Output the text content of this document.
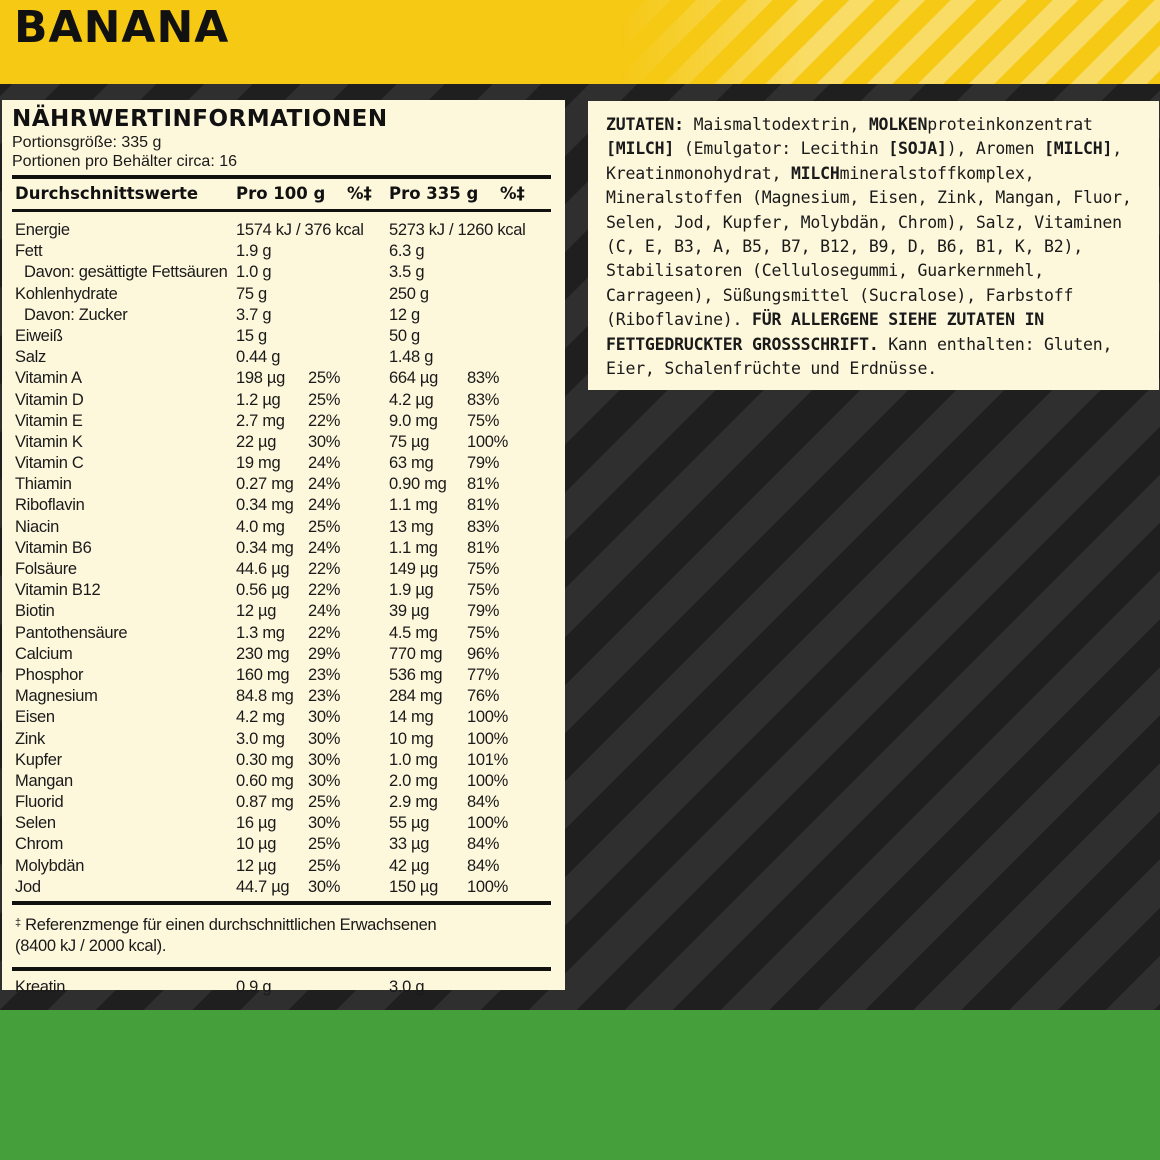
BANANA
NÄHRWERTINFORMATIONEN
Portionsgröße: 335 g
Portionen pro Behälter circa: 16
Durchschnittswerte Pro 100 g %‡ Pro 335 g %‡
Energie	1574 kJ / 376 kcal 5273 kJ / 1260 kcal
Fett	1.9 g	6.3 g
Davon: gesättigte Fettsäuren 1.0 g	3.5 g
Kohlenhydrate	75 g	250 g
Davon: Zucker	3.7 g	12 g
Eiweiß	15 g	50 g
Salz	0.44 g	1.48 g
Vitamin A	198 µg 25%	664 µg 83%
Vitamin D	1.2 µg 25%	4.2 µg 83%
Vitamin E	2.7 mg 22%	9.0 mg 75%
Vitamin K	22 µg 30%	75 µg 100%
Vitamin C	19 mg 24%	63 mg 79%
Thiamin	0.27 mg 24%	0.90 mg 81%
Riboflavin	0.34 mg 24%	1.1 mg 81%
Niacin	4.0 mg 25%	13 mg 83%
Vitamin B6	0.34 mg 24%	1.1 mg 81%
Folsäure	44.6 µg 22%	149 µg 75%
Vitamin B12	0.56 µg 22%	1.9 µg 75%
Biotin	12 µg 24%	39 µg 79%
Pantothensäure	1.3 mg 22%	4.5 mg 75%
Calcium	230 mg 29%	770 mg 96%
Phosphor	160 mg 23%	536 mg 77%
Magnesium	84.8 mg 23%	284 mg 76%
Eisen	4.2 mg 30%	14 mg 100%
Zink	3.0 mg 30%	10 mg 100%
Kupfer	0.30 mg 30%	1.0 mg 101%
Mangan	0.60 mg 30%	2.0 mg 100%
Fluorid	0.87 mg 25%	2.9 mg 84%
Selen	16 µg 30%	55 µg 100%
Chrom	10 µg 25%	33 µg 84%
Molybdän	12 µg 25%	42 µg 84%
Jod	44.7 µg 30%	150 µg 100%
‡ Referenzmenge für einen durchschnittlichen Erwachsenen
(8400 kJ / 2000 kcal).
Kreatin	0.9 g	3.0 g

ZUTATEN: Maismaltodextrin, MOLKENproteinkonzentrat [MILCH] (Emulgator: Lecithin [SOJA]), Aromen [MILCH], Kreatinmonohydrat, MILCHmineralstoffkomplex, Mineralstoffen (Magnesium, Eisen, Zink, Mangan, Fluor, Selen, Jod, Kupfer, Molybdän, Chrom), Salz, Vitaminen (C, E, B3, A, B5, B7, B12, B9, D, B6, B1, K, B2), Stabilisatoren (Cellulosegummi, Guarkernmehl, Carrageen), Süßungsmittel (Sucralose), Farbstoff (Riboflavine). FÜR ALLERGENE SIEHE ZUTATEN IN FETTGEDRUCKTER GROSSSCHRIFT. Kann enthalten: Gluten, Eier, Schalenfrüchte und Erdnüsse.
